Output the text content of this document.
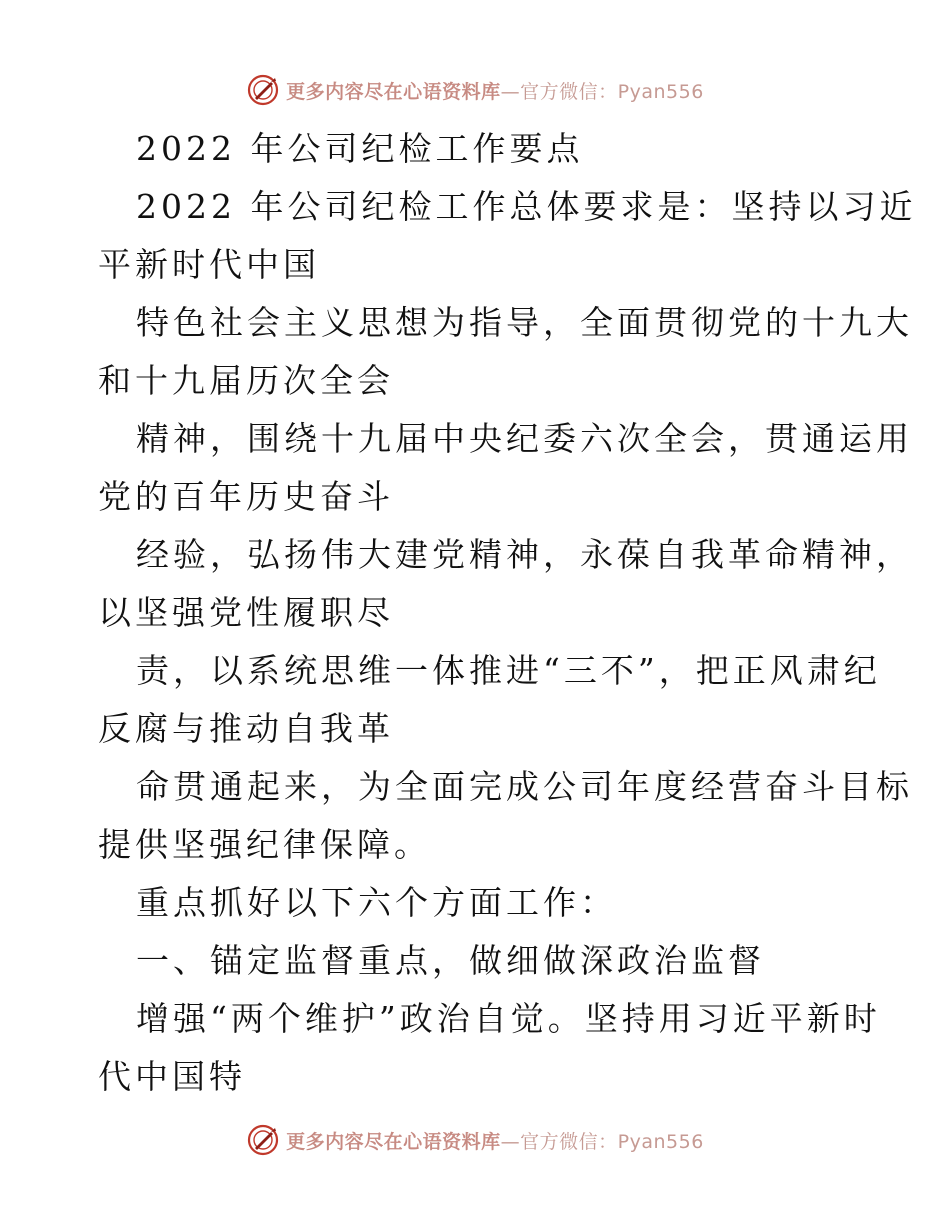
更多内容尽在心语资料库—官方微信：Pyan556
2022 年公司纪检工作要点
2022 年公司纪检工作总体要求是：坚持以习近
平新时代中国
特色社会主义思想为指导，全面贯彻党的十九大
和十九届历次全会
精神，围绕十九届中央纪委六次全会，贯通运用
党的百年历史奋斗
经验，弘扬伟大建党精神，永葆自我革命精神，
以坚强党性履职尽
责，以系统思维一体推进“三不”，把正风肃纪
反腐与推动自我革
命贯通起来，为全面完成公司年度经营奋斗目标
提供坚强纪律保障。
重点抓好以下六个方面工作：
一、锚定监督重点，做细做深政治监督
增强“两个维护”政治自觉。坚持用习近平新时
代中国特
更多内容尽在心语资料库—官方微信：Pyan556
